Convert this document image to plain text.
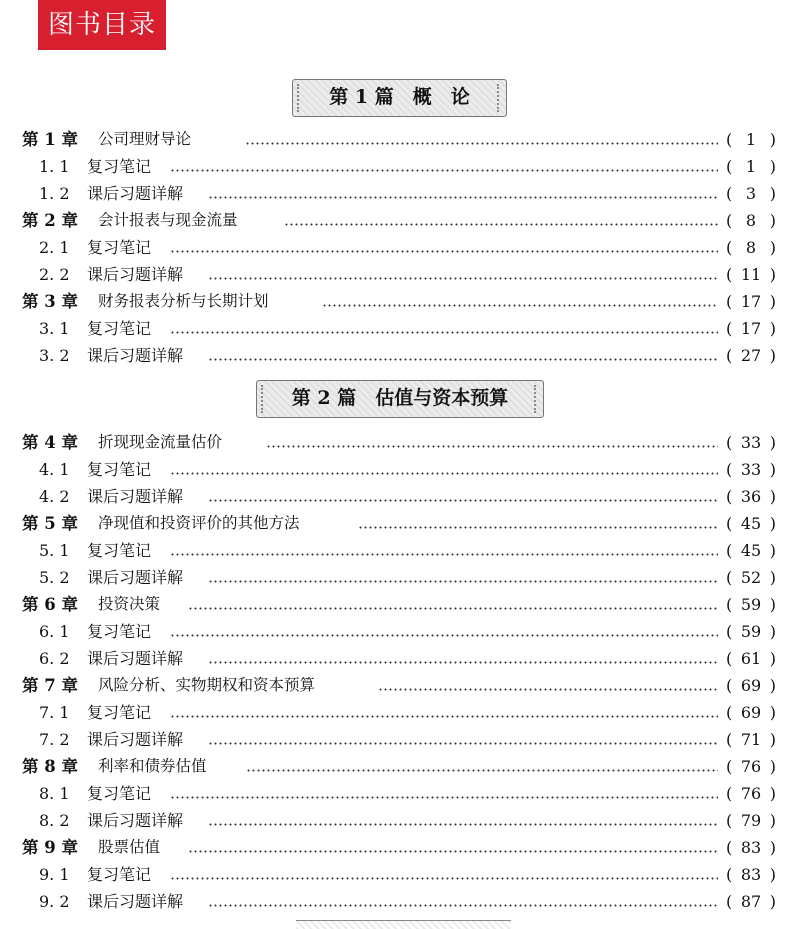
图书目录
第 1 篇　概　论
第 1 章 公司理财导论	( 1 )
1. 1 复习笔记	( 1 )
1. 2 课后习题详解	( 3 )
第 2 章 会计报表与现金流量	( 8 )
2. 1 复习笔记	( 8 )
2. 2 课后习题详解	( 11 )
第 3 章 财务报表分析与长期计划	( 17 )
3. 1 复习笔记	( 17 )
3. 2 课后习题详解	( 27 )
第 2 篇　估值与资本预算
第 4 章 折现现金流量估价	( 33 )
4. 1 复习笔记	( 33 )
4. 2 课后习题详解	( 36 )
第 5 章 净现值和投资评价的其他方法	( 45 )
5. 1 复习笔记	( 45 )
5. 2 课后习题详解	( 52 )
第 6 章 投资决策	( 59 )
6. 1 复习笔记	( 59 )
6. 2 课后习题详解	( 61 )
第 7 章 风险分析、实物期权和资本预算	( 69 )
7. 1 复习笔记	( 69 )
7. 2 课后习题详解	( 71 )
第 8 章 利率和债券估值	( 76 )
8. 1 复习笔记	( 76 )
8. 2 课后习题详解	( 79 )
第 9 章 股票估值	( 83 )
9. 1 复习笔记	( 83 )
9. 2 课后习题详解	( 87 )
